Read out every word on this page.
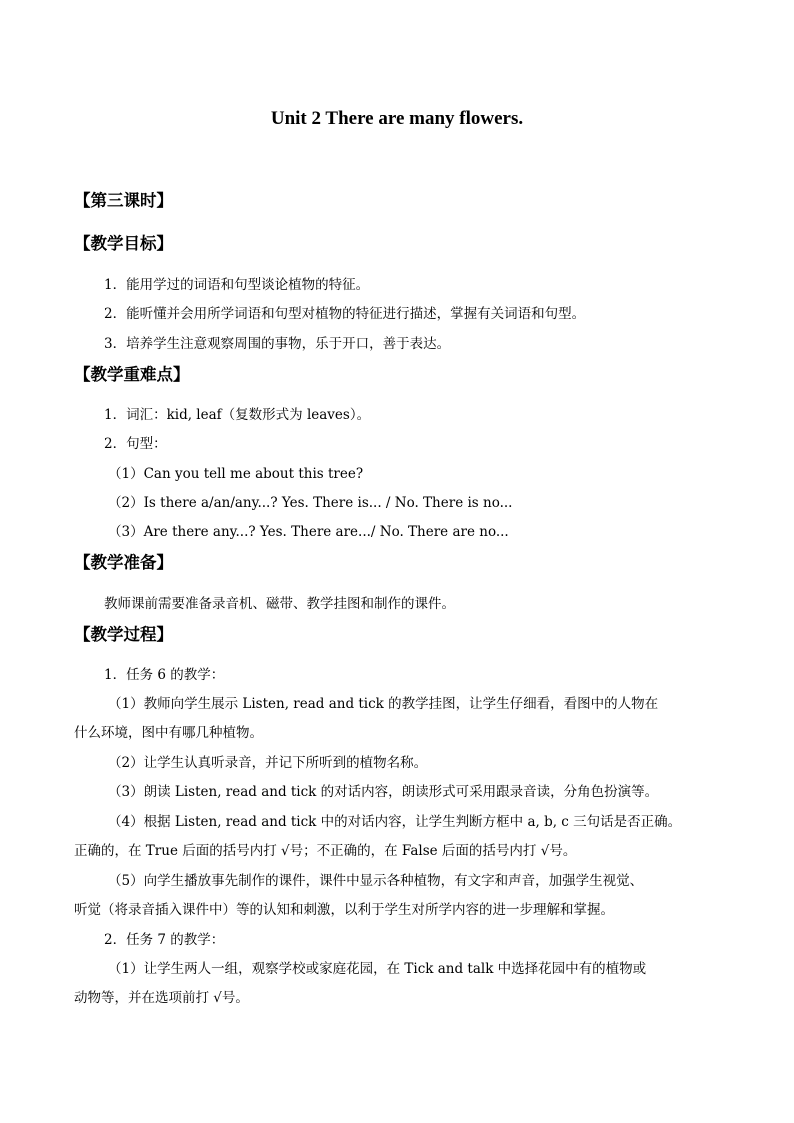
Unit 2 There are many flowers.
【第三课时】
【教学目标】
1．能用学过的词语和句型谈论植物的特征。
2．能听懂并会用所学词语和句型对植物的特征进行描述，掌握有关词语和句型。
3．培养学生注意观察周围的事物，乐于开口，善于表达。
【教学重难点】
1．词汇：kid, leaf（复数形式为 leaves）。
2．句型：
（1）Can you tell me about this tree?
（2）Is there a/an/any...? Yes. There is... / No. There is no...
（3）Are there any...? Yes. There are.../ No. There are no...
【教学准备】
教师课前需要准备录音机、磁带、教学挂图和制作的课件。
【教学过程】
1．任务 6 的教学：
（1）教师向学生展示 Listen, read and tick 的教学挂图，让学生仔细看，看图中的人物在
什么环境，图中有哪几种植物。
（2）让学生认真听录音，并记下所听到的植物名称。
（3）朗读 Listen, read and tick 的对话内容，朗读形式可采用跟录音读，分角色扮演等。
（4）根据 Listen, read and tick 中的对话内容，让学生判断方框中 a, b, c 三句话是否正确。
正确的，在 True 后面的括号内打 √号；不正确的，在 False 后面的括号内打 √号。
（5）向学生播放事先制作的课件，课件中显示各种植物，有文字和声音，加强学生视觉、
听觉（将录音插入课件中）等的认知和刺激，以利于学生对所学内容的进一步理解和掌握。
2．任务 7 的教学：
（1）让学生两人一组，观察学校或家庭花园，在 Tick and talk 中选择花园中有的植物或
动物等，并在选项前打 √号。
